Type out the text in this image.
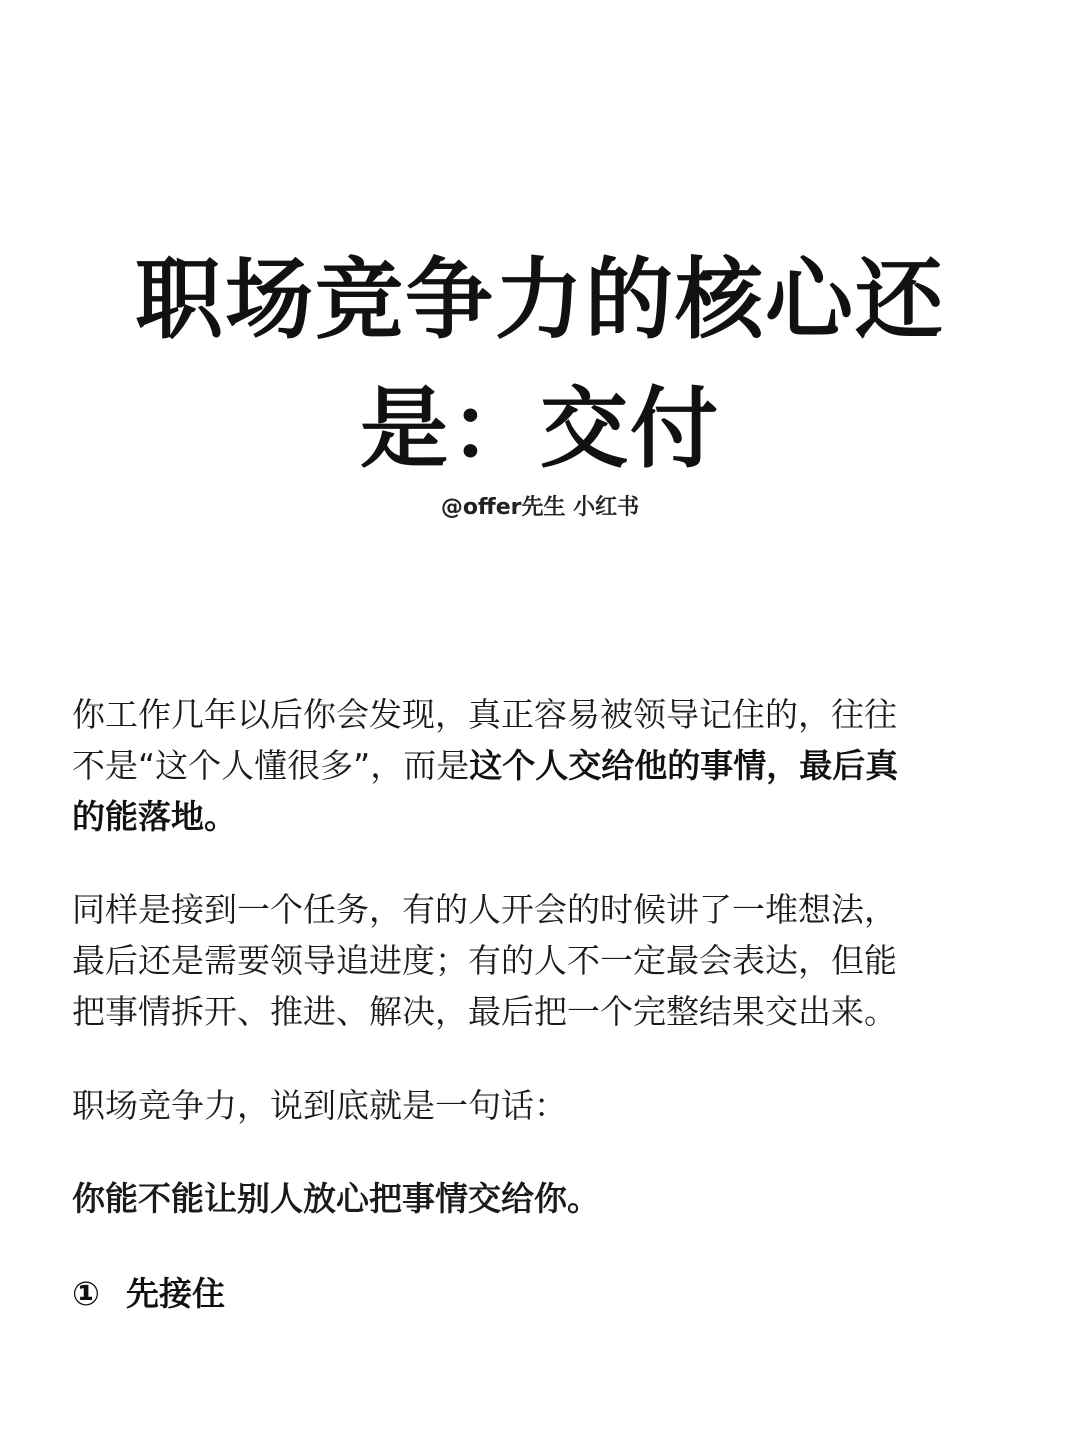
职场竞争力的核心还
是：交付
@offer先生 小红书

你工作几年以后你会发现，真正容易被领导记住的，往往
不是“这个人懂很多”，而是这个人交给他的事情，最后真
的能落地。

同样是接到一个任务，有的人开会的时候讲了一堆想法，
最后还是需要领导追进度；有的人不一定最会表达，但能
把事情拆开、推进、解决，最后把一个完整结果交出来。

职场竞争力，说到底就是一句话：

你能不能让别人放心把事情交给你。

① 先接住
